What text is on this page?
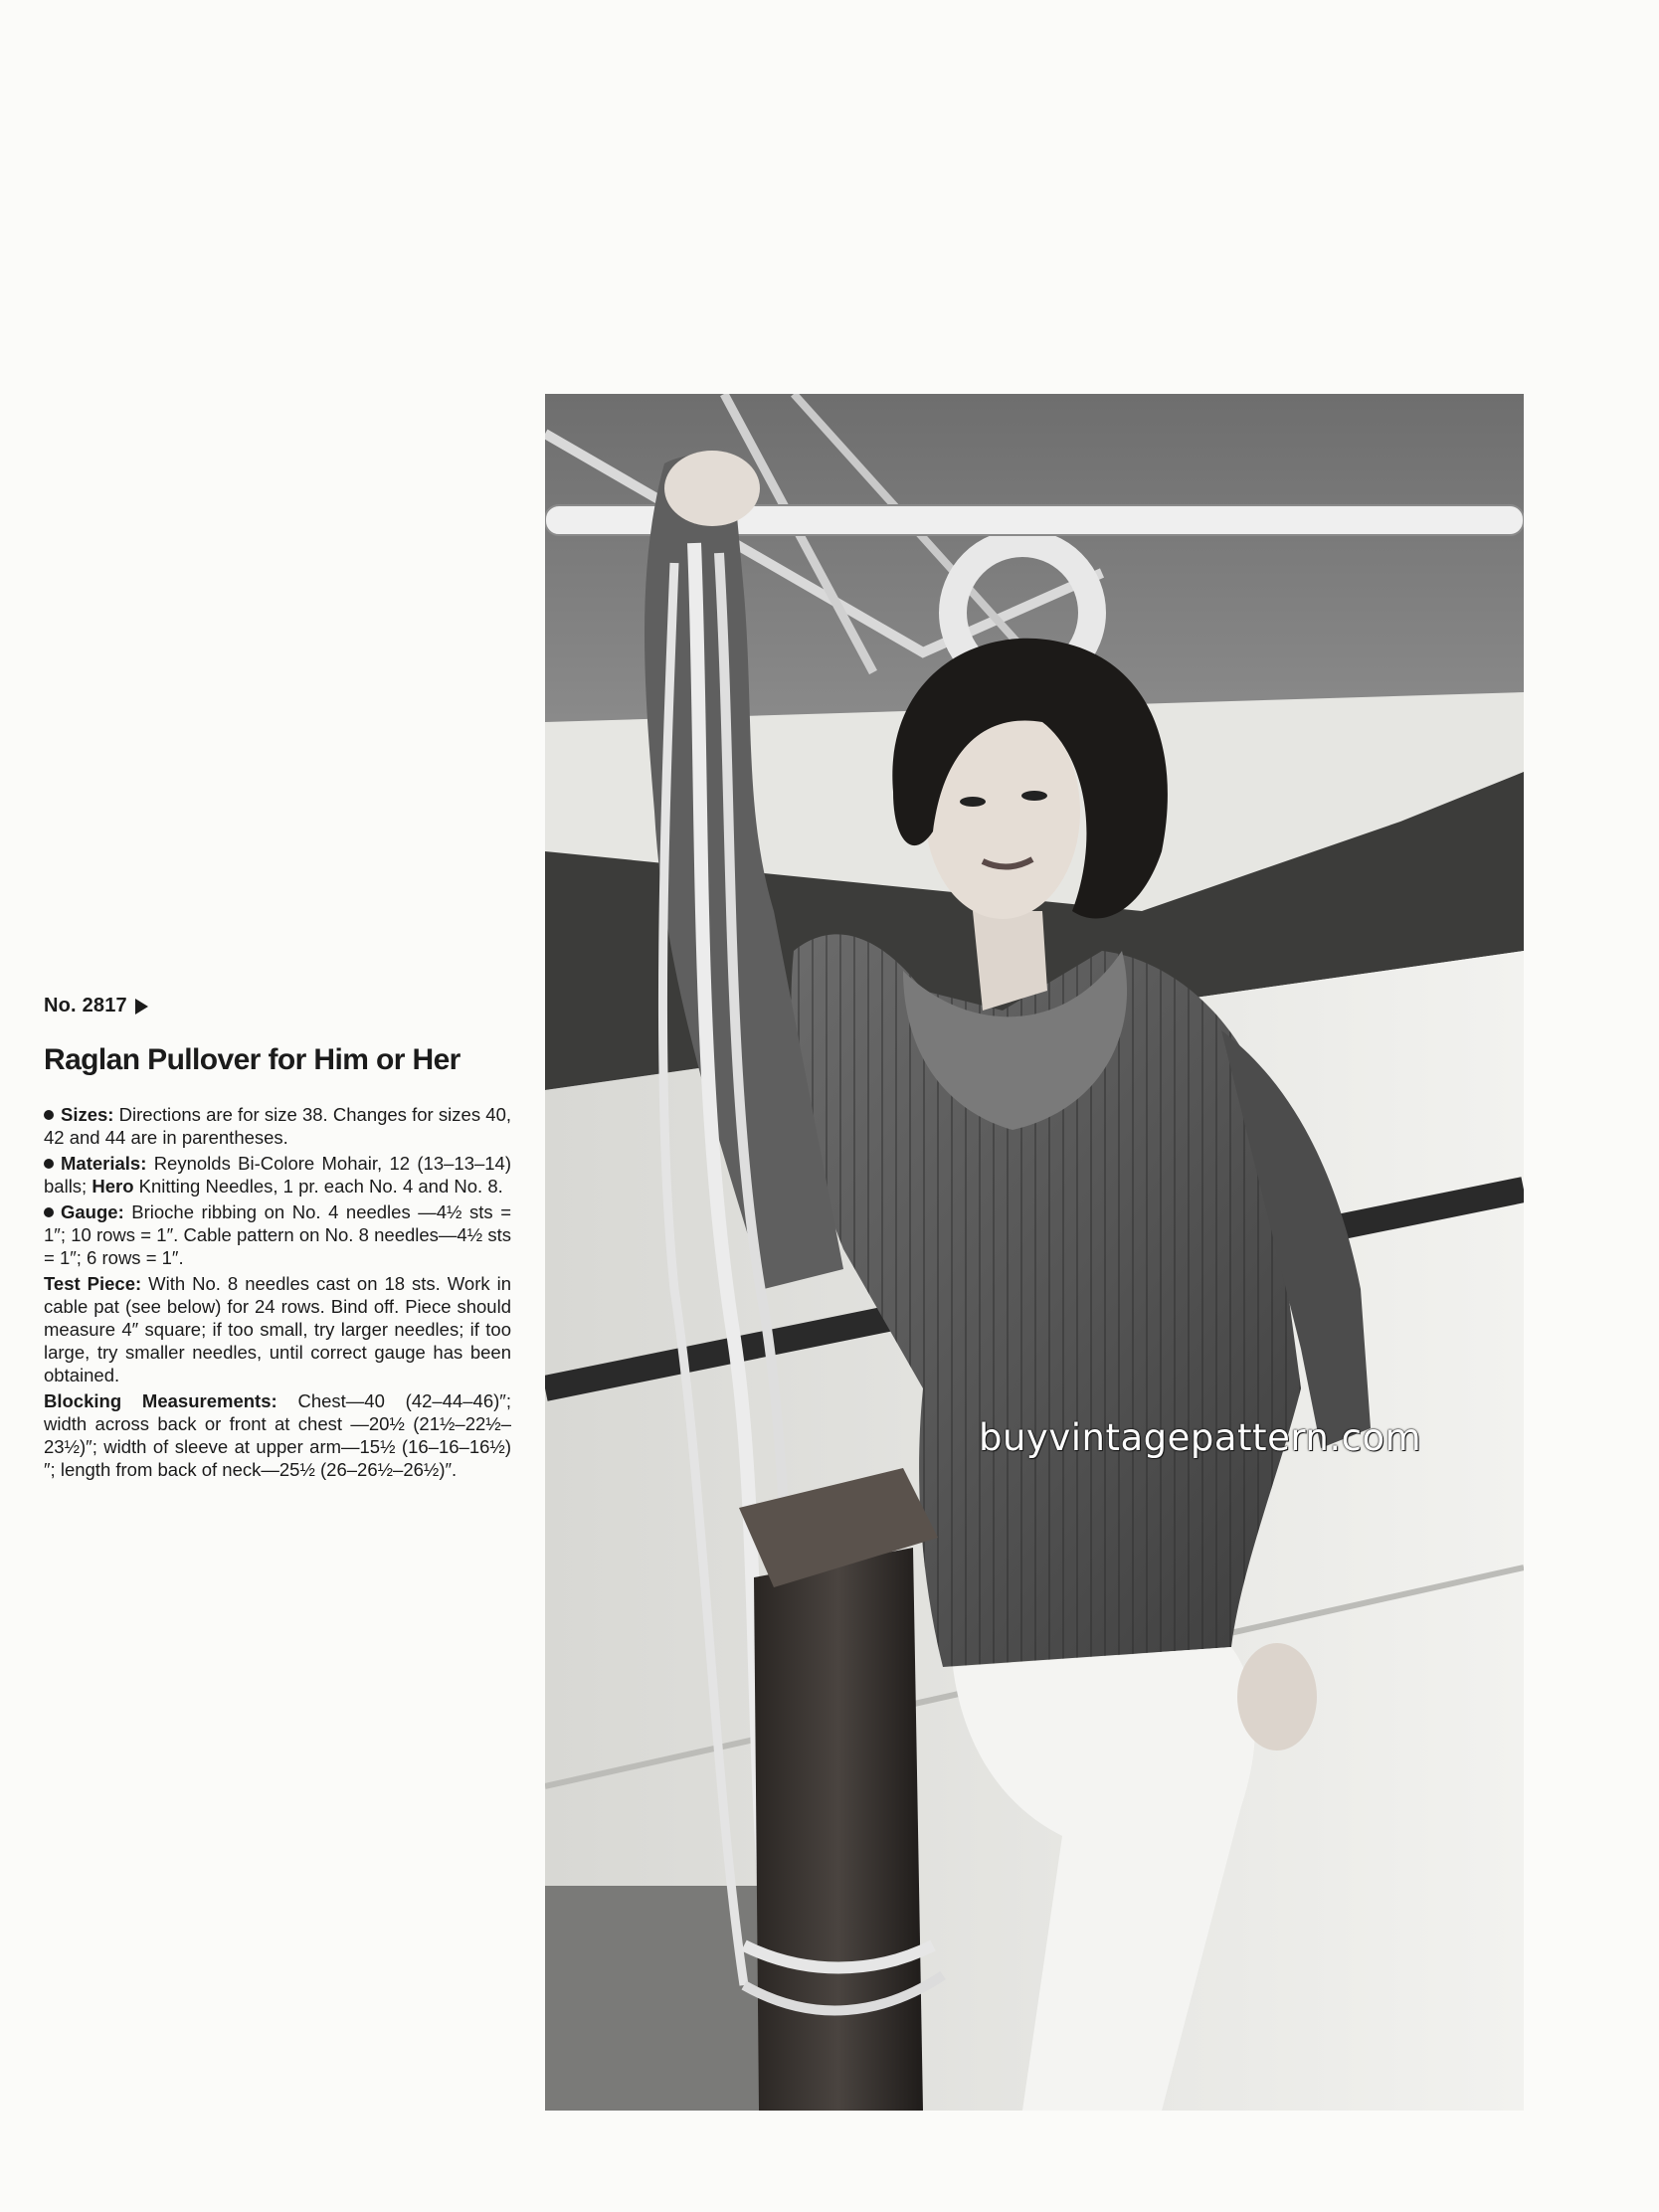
No. 2817
Raglan Pullover for Him or Her

Sizes: Directions are for size 38. Changes for sizes 40, 42 and 44 are in parentheses.

Materials: Reynolds Bi-Colore Mohair, 12 (13–13–14) balls; Hero Knitting Needles, 1 pr. each No. 4 and No. 8.

Gauge: Brioche ribbing on No. 4 needles —4½ sts = 1″; 10 rows = 1″. Cable pattern on No. 8 needles—4½ sts = 1″; 6 rows = 1″.

Test Piece: With No. 8 needles cast on 18 sts. Work in cable pat (see below) for 24 rows. Bind off. Piece should measure 4″ square; if too small, try larger needles; if too large, try smaller needles, until correct gauge has been obtained.

Blocking Measurements: Chest—40 (42–44–46)″; width across back or front at chest —20½ (21½–22½–23½)″; width of sleeve at upper arm—15½ (16–16–16½)″; length from back of neck—25½ (26–26½–26½)″.

buyvintagepattern.com
